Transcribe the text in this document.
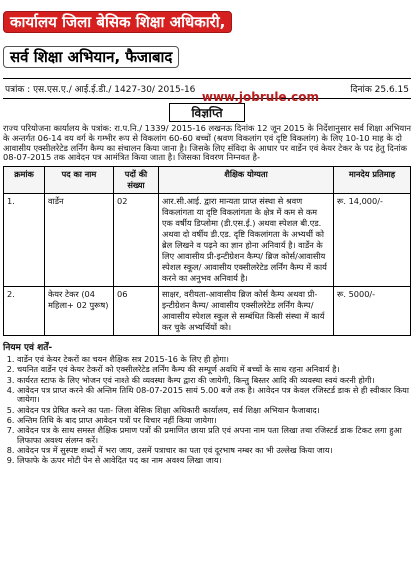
कार्यालय जिला बेसिक शिक्षा अधिकारी,
सर्व शिक्षा अभियान, फैजाबाद
पत्रांक : एस.एस.ए./ आई.ई.डी./ 1427-30/ 2015-16	दिनांक 25.6.15
www.jobrule.com
विज्ञप्ति
राज्य परियोजना कार्यालय के पत्रांक: रा.प.नि./ 1339/ 2015-16 लखनऊ दिनांक 12 जून 2015 के निर्देशानुसार सर्व शिक्षा अभियान के अन्तर्गत 06-14 वय वर्ग के गम्भीर रूप से विकलांग 60-60 बच्चों (श्रवण विकलांग एवं दृष्टि विकलांग) के लिए 10-10 माह के दो आवासीय एक्सीलरेटेड लर्निंग कैम्प का संचालन किया जाना है। जिसके लिए संविदा के आधार पर वार्डेन एवं केयर टेकर के पद हेतु दिनांक 08-07-2015 तक आवेदन पत्र आमंत्रित किया जाता है। जिसका विवरण निम्नवत है-
क्रमांक	पद का नाम	पदों की संख्या	शैक्षिक योग्यता	मानदेय प्रतिमाह
1.	वार्डेन	02	आर.सी.आई. द्वारा मान्यता प्राप्त संस्था से श्रवण विकलांगता या दृष्टि विकलांगता के क्षेत्र में कम से कम एक वर्षीय डिप्लोमा (डी.एस.ई.) अथवा स्पेशल बी.एड. अथवा दो वर्षीय डी.एड. दृष्टि विकलांगता के अभ्यर्थी को ब्रेल लिखने व पढ़ने का ज्ञान होना अनिवार्य है। वार्डेन के लिए आवासीय प्री-इन्टीग्रेशन कैम्प/ ब्रिज कोर्स/आवासीय स्पेशल स्कूल/ आवासीय एक्सीलरेटेड लर्निंग कैम्प में कार्य करने का अनुभव अनिवार्य है।	रू. 14,000/-
2.	केयर टेकर (04 महिला+ 02 पुरूष)	06	साक्षर, वरीयता-आवासीय ब्रिज कोर्स कैम्प अथवा प्री-इन्टीग्रेशन कैम्प/ आवासीय एक्सीलरेटेड लर्निंग कैम्प/ आवासीय स्पेशल स्कूल से सम्बंधित किसी संस्था में कार्य कर चुके अभ्यर्थियों को।	रू. 5000/-
नियम एवं शर्तें-
1. वार्डेन एवं केयर टेकरों का चयन शैक्षिक सत्र 2015-16 के लिए ही होगा।
2. चयनित वार्डेन एवं केयर टेकरों को एक्सीलरेटेड लर्निंग कैम्प की सम्पूर्ण अवधि में बच्चों के साथ रहना अनिवार्य है।
3. कार्यरत स्टाफ के लिए भोजन एवं नाश्ते की व्यवस्था कैम्प द्वारा की जायेगी, किन्तु बिस्तर आदि की व्यवस्था स्वयं करनी होगी।
4. आवेदन पत्र प्राप्त करने की अन्तिम तिथि 08-07-2015 सायं 5.00 बजे तक है। आवेदन पत्र केवल रजिस्टर्ड डाक से ही स्वीकार किया जायेगा।
5. आवेदन पत्र प्रेषित करने का पता- जिला बेसिक शिक्षा अधिकारी कार्यालय, सर्व शिक्षा अभियान फैजाबाद।
6. अन्तिम तिथि के बाद प्राप्त आवेदन पत्रों पर विचार नहीं किया जायेगा।
7. आवेदन पत्र के साथ समस्त शैक्षिक प्रमाण पत्रों की प्रमाणित छाया प्रति एवं अपना नाम पता लिखा तथा रजिस्टर्ड डाक टिकट लगा हुआ लिफाफा अवश्य संलग्न करें।
8. आवेदन पत्र में सुस्पष्ट शब्दों में भरा जाय, उसमें पत्राचार का पता एवं दूरभाष नम्बर का भी उल्लेख किया जाय।
9. लिफाफे के ऊपर मोटी पेन से आवेदित पद का नाम अवश्य लिखा जाय।
